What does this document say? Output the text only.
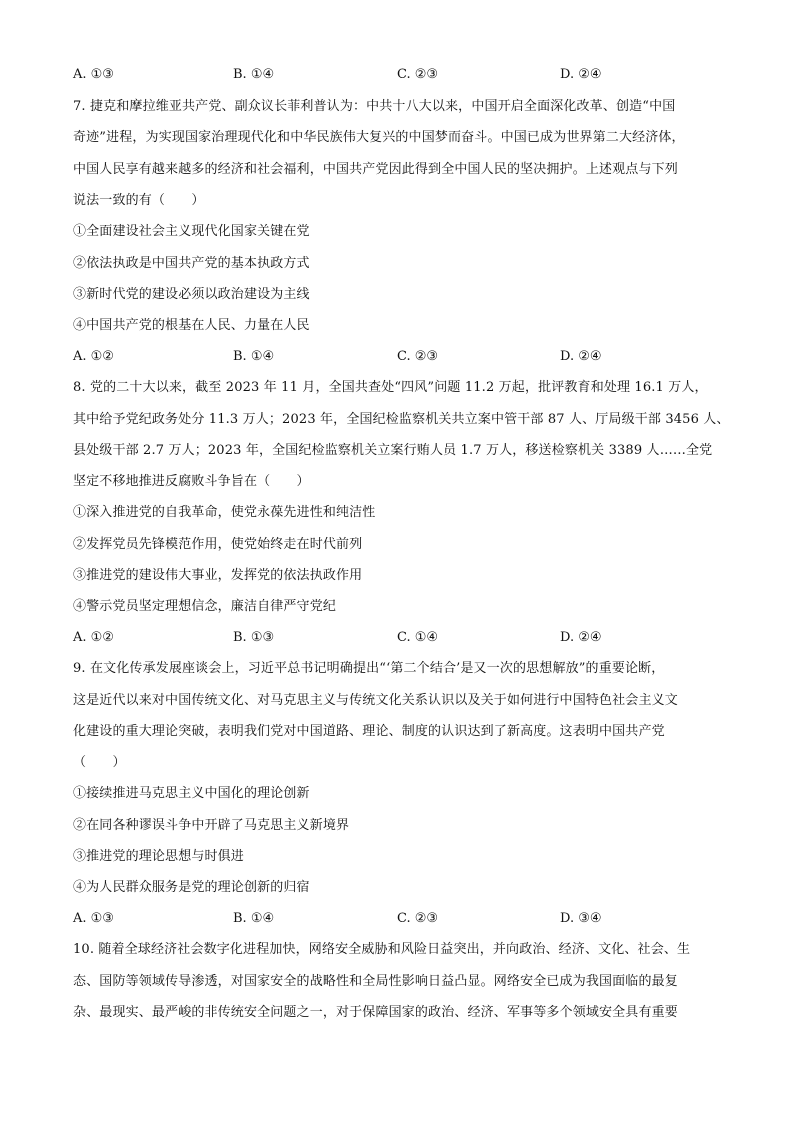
A. ①③	B. ①④	C. ②③	D. ②④
7. 捷克和摩拉维亚共产党、副众议长菲利普认为：中共十八大以来，中国开启全面深化改革、创造“中国
奇迹”进程，为实现国家治理现代化和中华民族伟大复兴的中国梦而奋斗。中国已成为世界第二大经济体，
中国人民享有越来越多的经济和社会福利，中国共产党因此得到全中国人民的坚决拥护。上述观点与下列
说法一致的有（　　）
①全面建设社会主义现代化国家关键在党
②依法执政是中国共产党的基本执政方式
③新时代党的建设必须以政治建设为主线
④中国共产党的根基在人民、力量在人民
A. ①②	B. ①④	C. ②③	D. ②④
8. 党的二十大以来，截至 2023 年 11 月，全国共查处“四风”问题 11.2 万起，批评教育和处理 16.1 万人，
其中给予党纪政务处分 11.3 万人；2023 年，全国纪检监察机关共立案中管干部 87 人、厅局级干部 3456 人、
县处级干部 2.7 万人；2023 年，全国纪检监察机关立案行贿人员 1.7 万人，移送检察机关 3389 人……全党
坚定不移地推进反腐败斗争旨在（　　）
①深入推进党的自我革命，使党永葆先进性和纯洁性
②发挥党员先锋模范作用，使党始终走在时代前列
③推进党的建设伟大事业，发挥党的依法执政作用
④警示党员坚定理想信念，廉洁自律严守党纪
A. ①②	B. ①③	C. ①④	D. ②④
9. 在文化传承发展座谈会上，习近平总书记明确提出“‘第二个结合’是又一次的思想解放”的重要论断，
这是近代以来对中国传统文化、对马克思主义与传统文化关系认识以及关于如何进行中国特色社会主义文
化建设的重大理论突破，表明我们党对中国道路、理论、制度的认识达到了新高度。这表明中国共产党
（　　）
①接续推进马克思主义中国化的理论创新
②在同各种谬误斗争中开辟了马克思主义新境界
③推进党的理论思想与时俱进
④为人民群众服务是党的理论创新的归宿
A. ①③	B. ①④	C. ②③	D. ③④
10. 随着全球经济社会数字化进程加快，网络安全威胁和风险日益突出，并向政治、经济、文化、社会、生
态、国防等领域传导渗透，对国家安全的战略性和全局性影响日益凸显。网络安全已成为我国面临的最复
杂、最现实、最严峻的非传统安全问题之一，对于保障国家的政治、经济、军事等多个领域安全具有重要
